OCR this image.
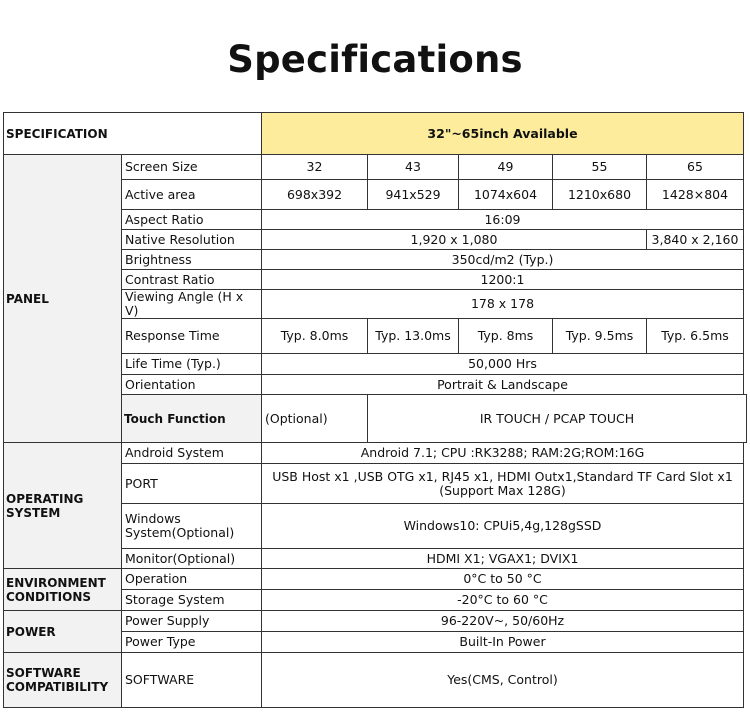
Specifications
SPECIFICATION		32"~65inch Available				
PANEL	Screen Size	32	43	49	55	65
	Active area	698x392	941x529	1074x604	1210x680	1428×804
	Aspect Ratio	16:09				
	Native Resolution	1,920 x 1,080				3,840 x 2,160
	Brightness	350cd/m2 (Typ.)				
	Contrast Ratio	1200:1				
	Viewing Angle (H x V)	178 x 178				
	Response Time	Typ. 8.0ms	Typ. 13.0ms	Typ. 8ms	Typ. 9.5ms	Typ. 6.5ms
	Life Time (Typ.)	50,000 Hrs				
	Orientation	Portrait & Landscape				
	Touch Function	(Optional)	IR TOUCH / PCAP TOUCH			
OPERATING SYSTEM	Android System	Android 7.1; CPU :RK3288; RAM:2G;ROM:16G				
	PORT	USB Host x1 ,USB OTG x1, RJ45 x1, HDMI Outx1,Standard TF Card Slot x1
(Support Max 128G)				

	Windows System(Optional)	Windows10: CPUi5,4g,128gSSD				
	Monitor(Optional)	HDMI X1; VGAX1; DVIX1				
ENVIRONMENT CONDITIONS	Operation	0°C to 50 °C				
	Storage System	-20°C to 60 °C				
POWER	Power Supply	96-220V~, 50/60Hz				
	Power Type	Built-In Power				
SOFTWARE COMPATIBILITY	SOFTWARE	Yes(CMS, Control)				
